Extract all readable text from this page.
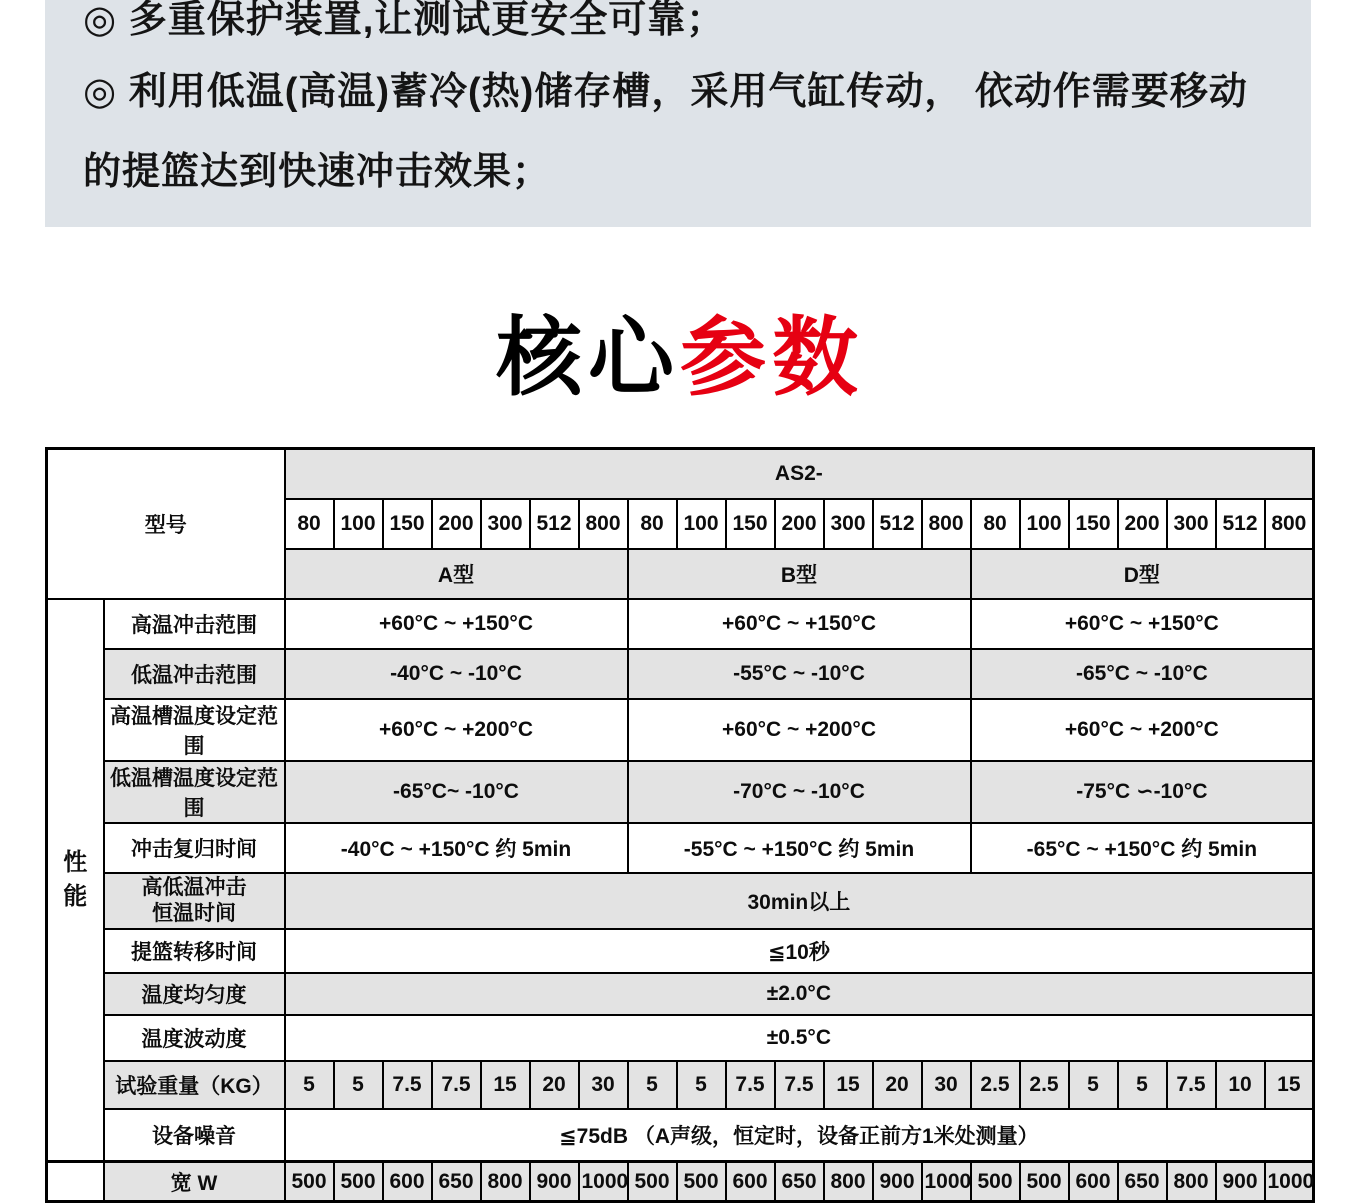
◎ 多重保护装置,让测试更安全可靠；

◎ 利用低温(高温)蓄冷(热)储存槽，采用气缸传动， 依动作需要移动

的提篮达到快速冲击效果；

核心参数
型号		AS2-																				
		80	100	150	200	300	512	800	80	100	150	200	300	512	800	80	100	150	200	300	512	800
		A型							B型							D型						

性能	高温冲击范围	+60°C ~ +150°C							+60°C ~ +150°C							+60°C ~ +150°C						
	低温冲击范围	-40°C ~ -10°C							-55°C ~ -10°C							-65°C ~ -10°C						
	高温槽温度设定范围	+60°C ~ +200°C							+60°C ~ +200°C							+60°C ~ +200°C						
	低温槽温度设定范围	-65°C~ -10°C							-70°C ~ -10°C							-75°C ∽-10°C						
	冲击复归时间	-40°C ~ +150°C 约 5min							-55°C ~ +150°C 约 5min							-65°C ~ +150°C 约 5min						

	高低温冲击
恒温时间	30min以上																				
	提篮转移时间	≦10秒																				
	温度均匀度	±2.0°C																				
	温度波动度	±0.5°C																				
	试验重量（KG）	5	5	7.5	7.5	15	20	30	5	5	7.5	7.5	15	20	30	2.5	2.5	5	5	7.5	10	15
	设备噪音	≦75dB （A声级，恒定时，设备正前方1米处测量）																				
	宽 W	500	500	600	650	800	900	1000	500	500	600	650	800	900	1000	500	500	600	650	800	900	1000
